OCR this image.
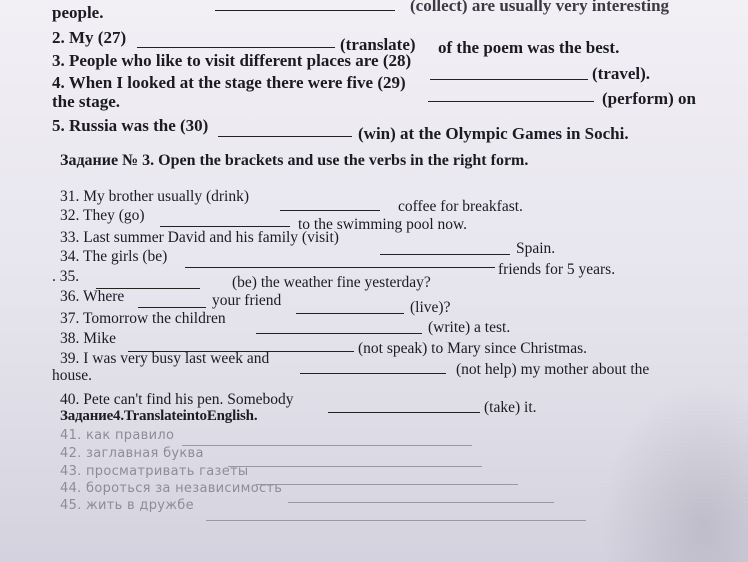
people.	(collect) are usually very interesting
2. My (27)	(translate) of the poem was the best.
3. People who like to visit different places are (28)
(travel).
4. When I looked at the stage there were five (29)
(perform) on
the stage.
5. Russia was the (30)	(win) at the Olympic Games in Sochi.
Задание № 3. Open the brackets and use the verbs in the right form.
31. My brother usually (drink)
coffee for breakfast.
32. They (go)
to the swimming pool now.
33. Last summer David and his family (visit)
Spain.
34. The girls (be)
friends for 5 years.
. 35.	(be) the weather fine yesterday?
36. Where	your friend	(live)?
37. Tomorrow the children
(write) a test.
38. Mike
(not speak) to Mary since Christmas.
39. I was very busy last week and
(not help) my mother about the
house.
40. Pete can't find his pen. Somebody	(take) it.
Задание4.TranslateintoEnglish.
41. как правило
42. заглавная буква
43. просматривать газеты
44. бороться за независимость
45. жить в дружбе
